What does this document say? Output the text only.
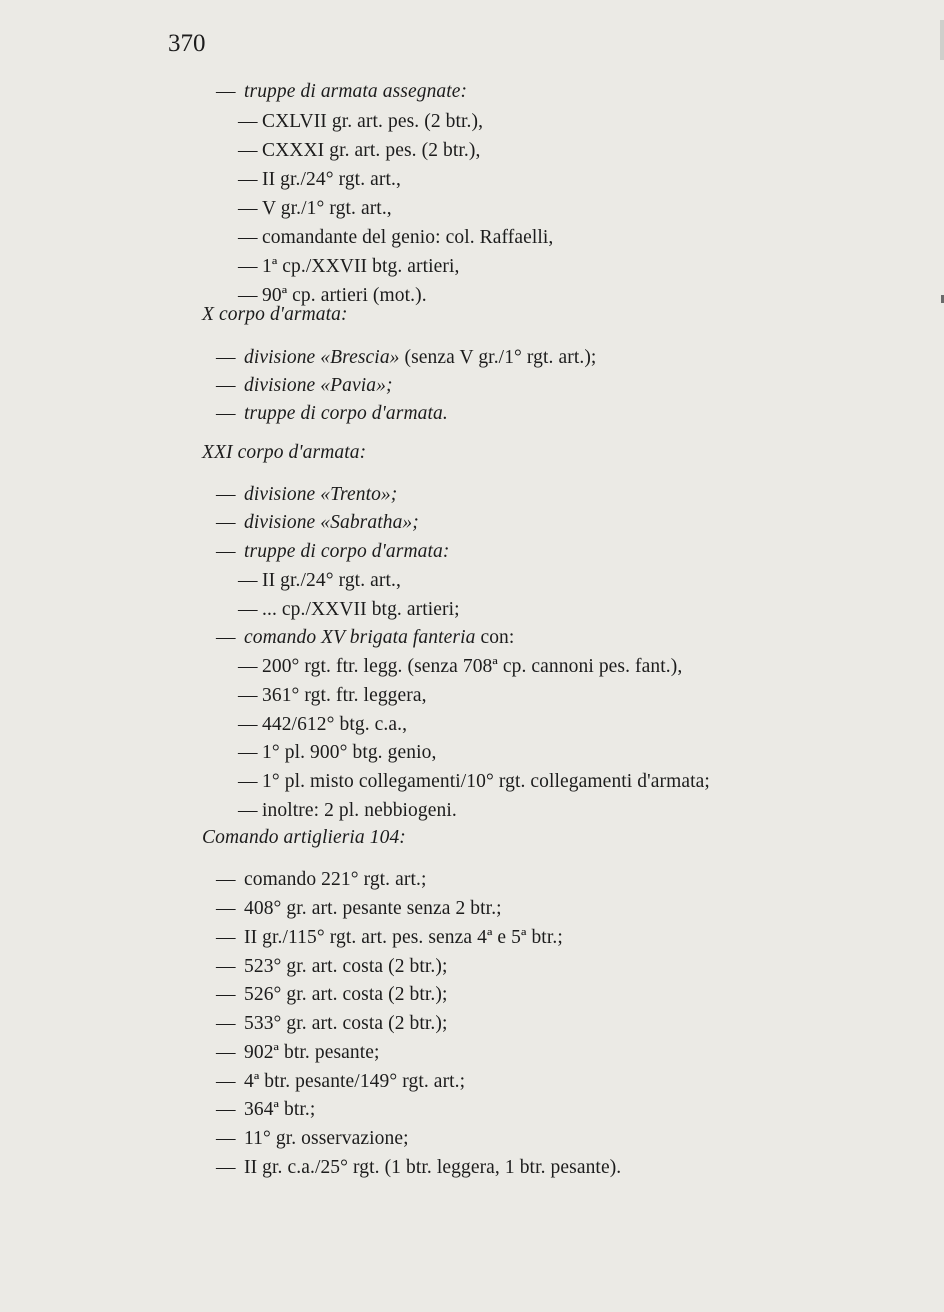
370
— truppe di armata assegnate:
— CXLVII gr. art. pes. (2 btr.),
— CXXXI gr. art. pes. (2 btr.),
— II gr./24° rgt. art.,
— V gr./1° rgt. art.,
— comandante del genio: col. Raffaelli,
— 1ª cp./XXVII btg. artieri,
— 90ª cp. artieri (mot.).
X corpo d'armata:
— divisione «Brescia» (senza V gr./1° rgt. art.);
— divisione «Pavia»;
— truppe di corpo d'armata.
XXI corpo d'armata:
— divisione «Trento»;
— divisione «Sabratha»;
— truppe di corpo d'armata:
— II gr./24° rgt. art.,
— ... cp./XXVII btg. artieri;
— comando XV brigata fanteria con:
— 200° rgt. ftr. legg. (senza 708ª cp. cannoni pes. fant.),
— 361° rgt. ftr. leggera,
— 442/612° btg. c.a.,
— 1° pl. 900° btg. genio,
— 1° pl. misto collegamenti/10° rgt. collegamenti d'armata;
— inoltre: 2 pl. nebbiogeni.
Comando artiglieria 104:
— comando 221° rgt. art.;
— 408° gr. art. pesante senza 2 btr.;
— II gr./115° rgt. art. pes. senza 4ª e 5ª btr.;
— 523° gr. art. costa (2 btr.);
— 526° gr. art. costa (2 btr.);
— 533° gr. art. costa (2 btr.);
— 902ª btr. pesante;
— 4ª btr. pesante/149° rgt. art.;
— 364ª btr.;
— 11° gr. osservazione;
— II gr. c.a./25° rgt. (1 btr. leggera, 1 btr. pesante).
